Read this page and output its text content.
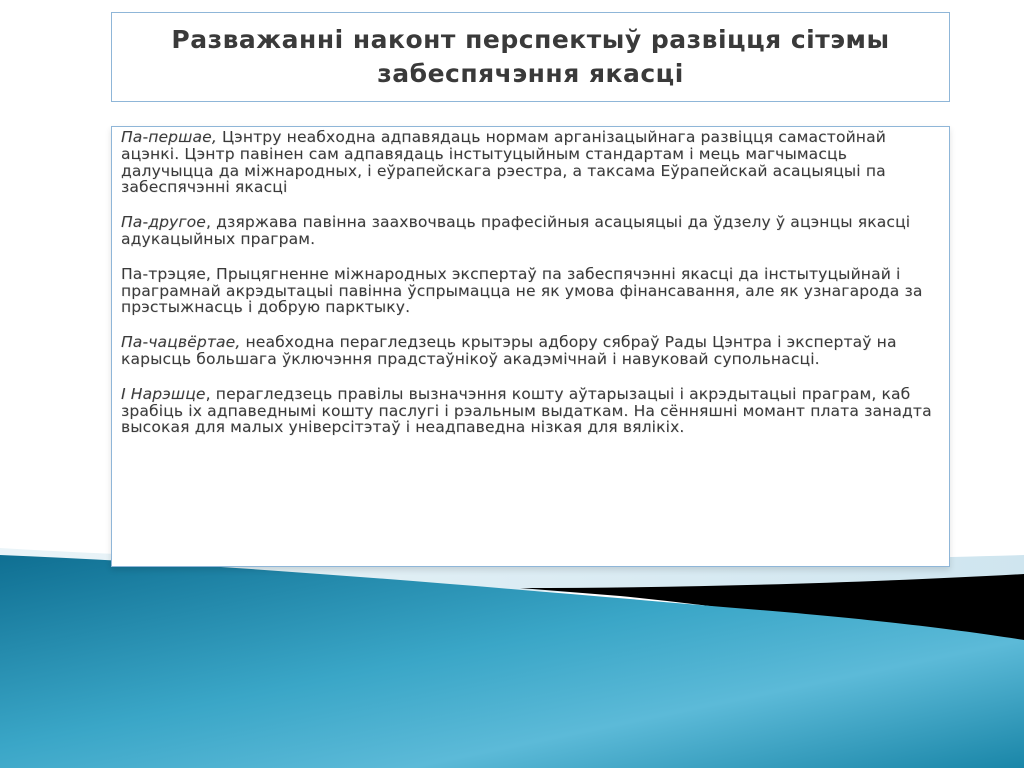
Разважанні наконт перспектыў развіцця сітэмы забеспячэння якасці

Па-першае, Цэнтру неабходна адпавядаць нормам арганізацыйнага развіцця самастойнай ацэнкі. Цэнтр павінен сам адпавядаць інстытуцыйным стандартам і мець магчымасць далучыцца да міжнародных, і еўрапейскага рэестра, а таксама Еўрапейскай асацыяцыі па забеспячэнні якасці

Па-другое, дзяржава павінна заахвочваць прафесійныя асацыяцыі да ўдзелу ў ацэнцы якасці адукацыйных праграм.

Па-трэцяе, Прыцягненне міжнародных экспертаў па забеспячэнні якасці да інстытуцыйнай і праграмнай акрэдытацыі павінна ўспрымацца не як умова фінансавання, але як узнагарода за прэстыжнасць і добрую парктыку.

Па-чацвёртае, неабходна перагледзець крытэры адбору сябраў Рады Цэнтра і экспертаў на карысць большага ўключэння прадстаўнікоў акадэмічнай і навуковай супольнасці.

І Нарэшце, перагледзець правілы вызначэння кошту аўтарызацыі і акрэдытацыі праграм, каб зрабіць іх адпаведнымі кошту паслугі і рэальным выдаткам. На сённяшні момант плата занадта высокая для малых універсітэтаў і неадпаведна нізкая для вялікіх.
